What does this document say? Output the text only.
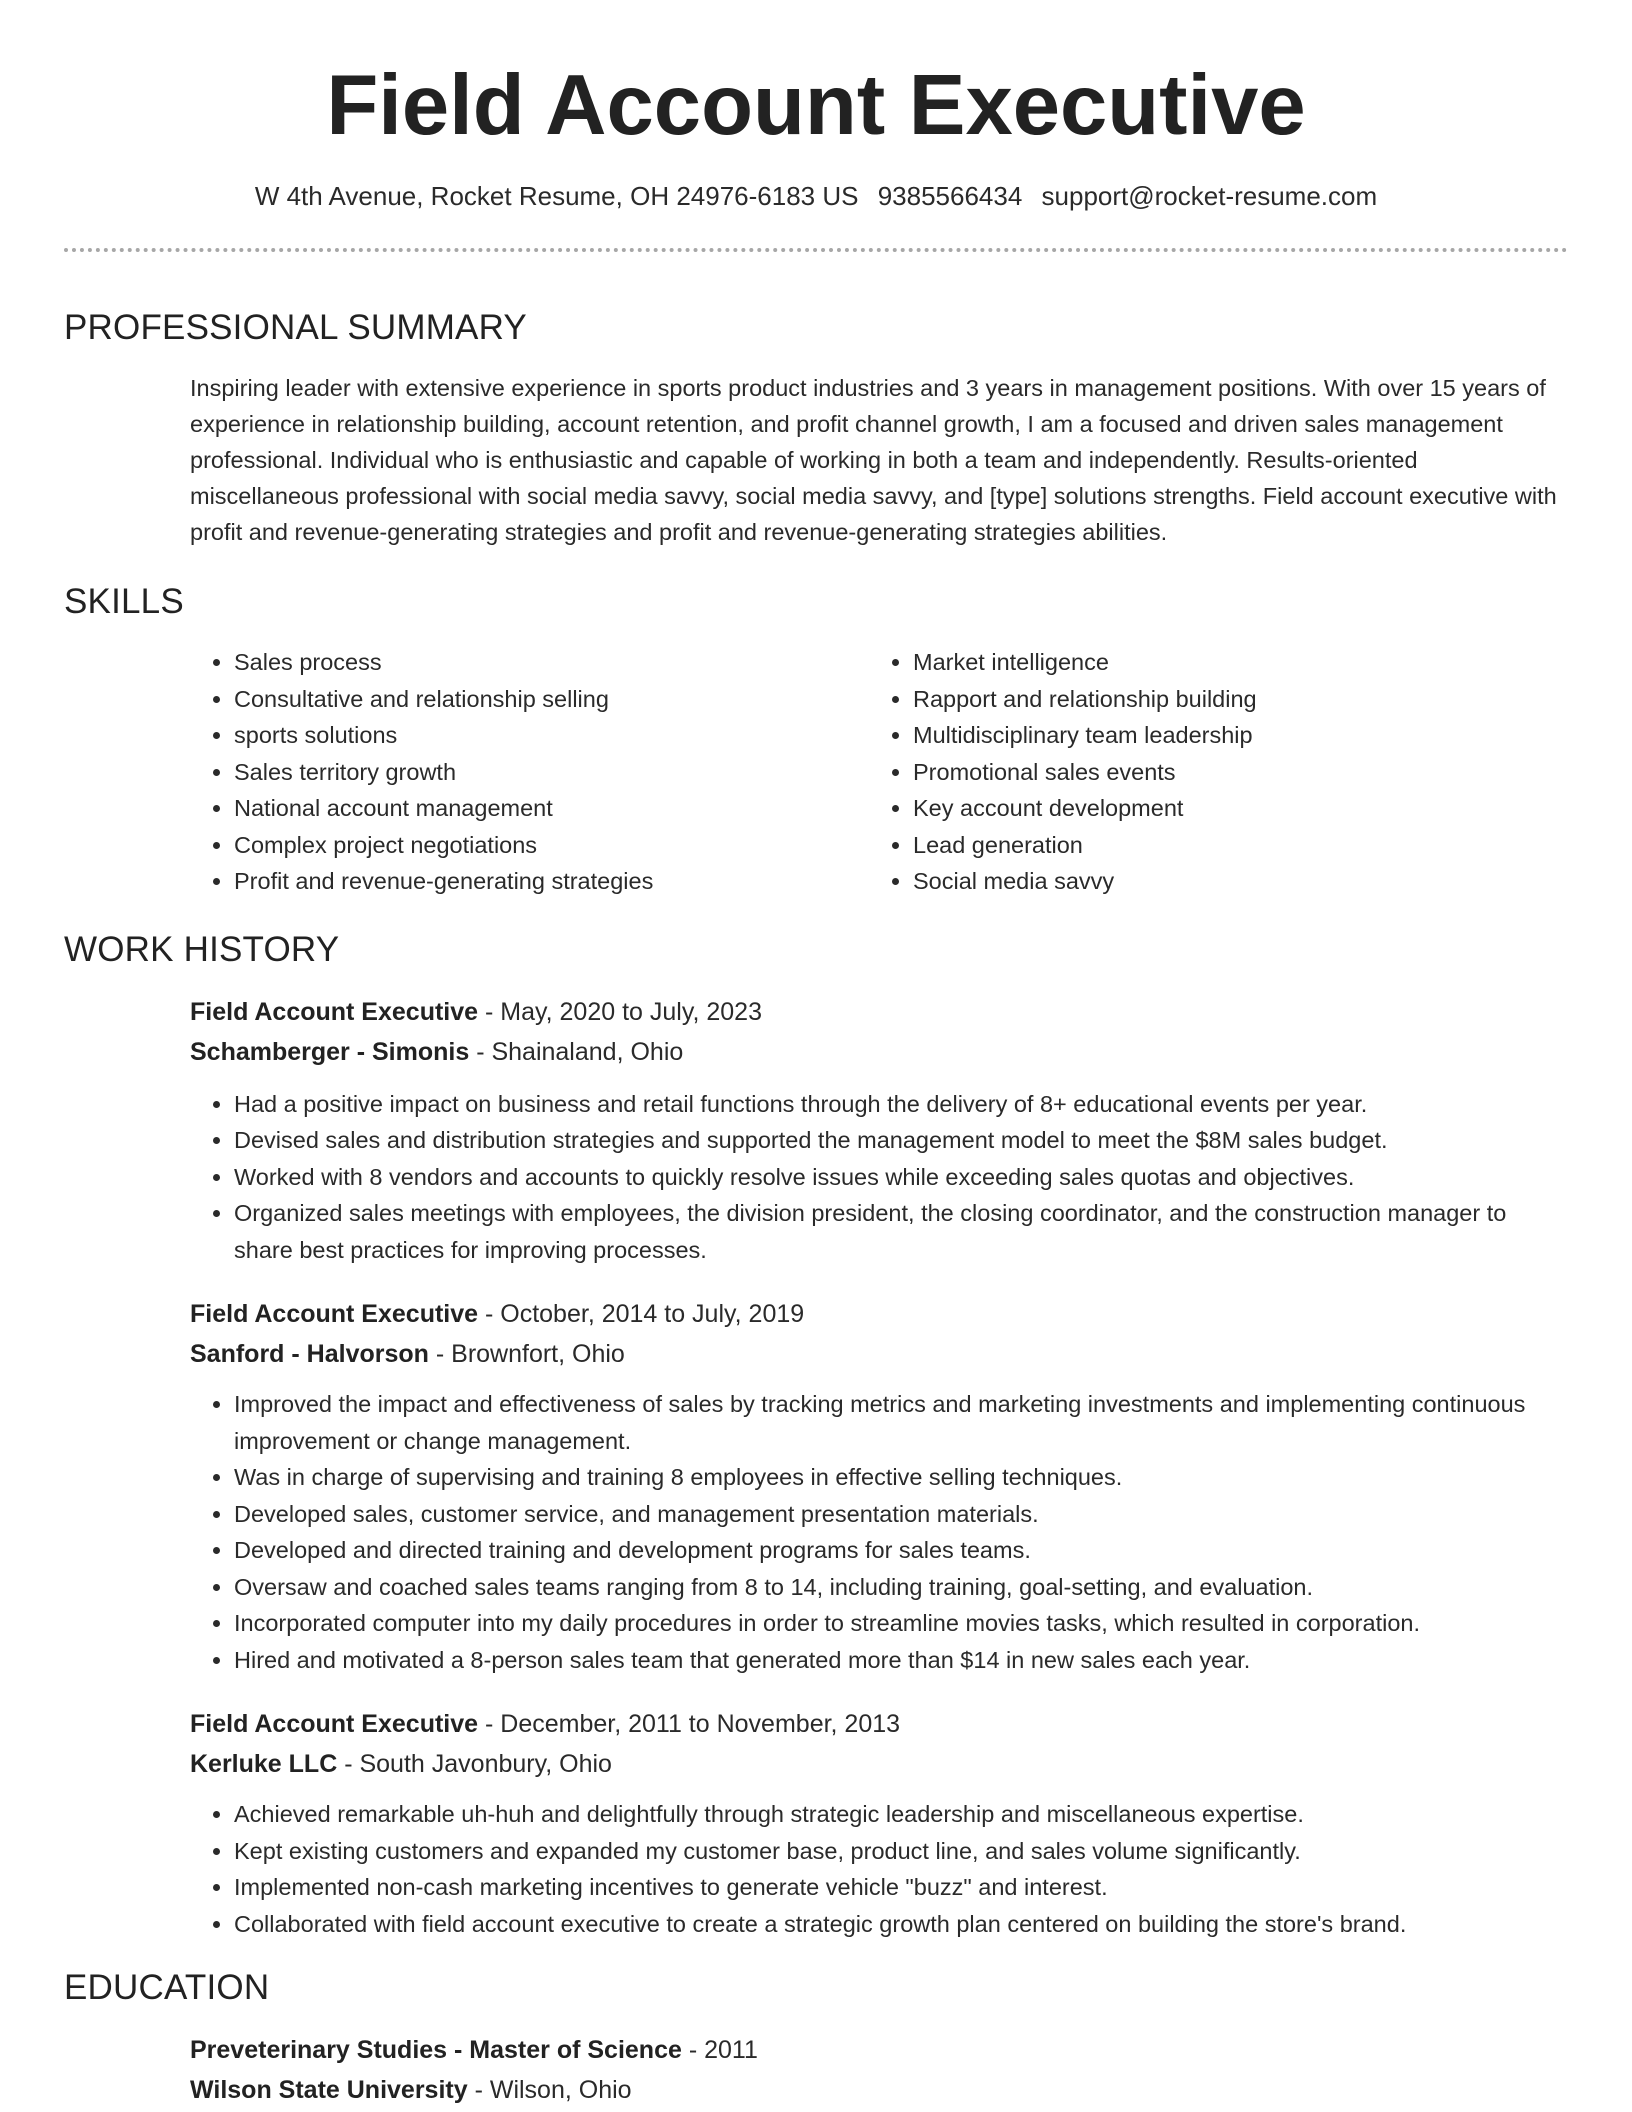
Field Account Executive
W 4th Avenue, Rocket Resume, OH 24976-6183 US 9385566434 support@rocket-resume.com
PROFESSIONAL SUMMARY

Inspiring leader with extensive experience in sports product industries and 3 years in management positions. With over 15 years of experience in relationship building, account retention, and profit channel growth, I am a focused and driven sales management professional. Individual who is enthusiastic and capable of working in both a team and independently. Results-oriented miscellaneous professional with social media savvy, social media savvy, and [type] solutions strengths. Field account executive with profit and revenue-generating strategies and profit and revenue-generating strategies abilities.

SKILLS
• Sales process
• Consultative and relationship selling
• sports solutions
• Sales territory growth
• National account management
• Complex project negotiations
• Profit and revenue-generating strategies
• Market intelligence
• Rapport and relationship building
• Multidisciplinary team leadership
• Promotional sales events
• Key account development
• Lead generation
• Social media savvy
WORK HISTORY
Field Account Executive - May, 2020 to July, 2023
Schamberger - Simonis - Shainaland, Ohio
• Had a positive impact on business and retail functions through the delivery of 8+ educational events per year.
• Devised sales and distribution strategies and supported the management model to meet the $8M sales budget.
• Worked with 8 vendors and accounts to quickly resolve issues while exceeding sales quotas and objectives.
• Organized sales meetings with employees, the division president, the closing coordinator, and the construction manager to share best practices for improving processes.
Field Account Executive - October, 2014 to July, 2019
Sanford - Halvorson - Brownfort, Ohio
• Improved the impact and effectiveness of sales by tracking metrics and marketing investments and implementing continuous improvement or change management.
• Was in charge of supervising and training 8 employees in effective selling techniques.
• Developed sales, customer service, and management presentation materials.
• Developed and directed training and development programs for sales teams.
• Oversaw and coached sales teams ranging from 8 to 14, including training, goal-setting, and evaluation.
• Incorporated computer into my daily procedures in order to streamline movies tasks, which resulted in corporation.
• Hired and motivated a 8-person sales team that generated more than $14 in new sales each year.
Field Account Executive - December, 2011 to November, 2013
Kerluke LLC - South Javonbury, Ohio
• Achieved remarkable uh-huh and delightfully through strategic leadership and miscellaneous expertise.
• Kept existing customers and expanded my customer base, product line, and sales volume significantly.
• Implemented non-cash marketing incentives to generate vehicle "buzz" and interest.
• Collaborated with field account executive to create a strategic growth plan centered on building the store's brand.
EDUCATION
Preveterinary Studies - Master of Science - 2011
Wilson State University - Wilson, Ohio
